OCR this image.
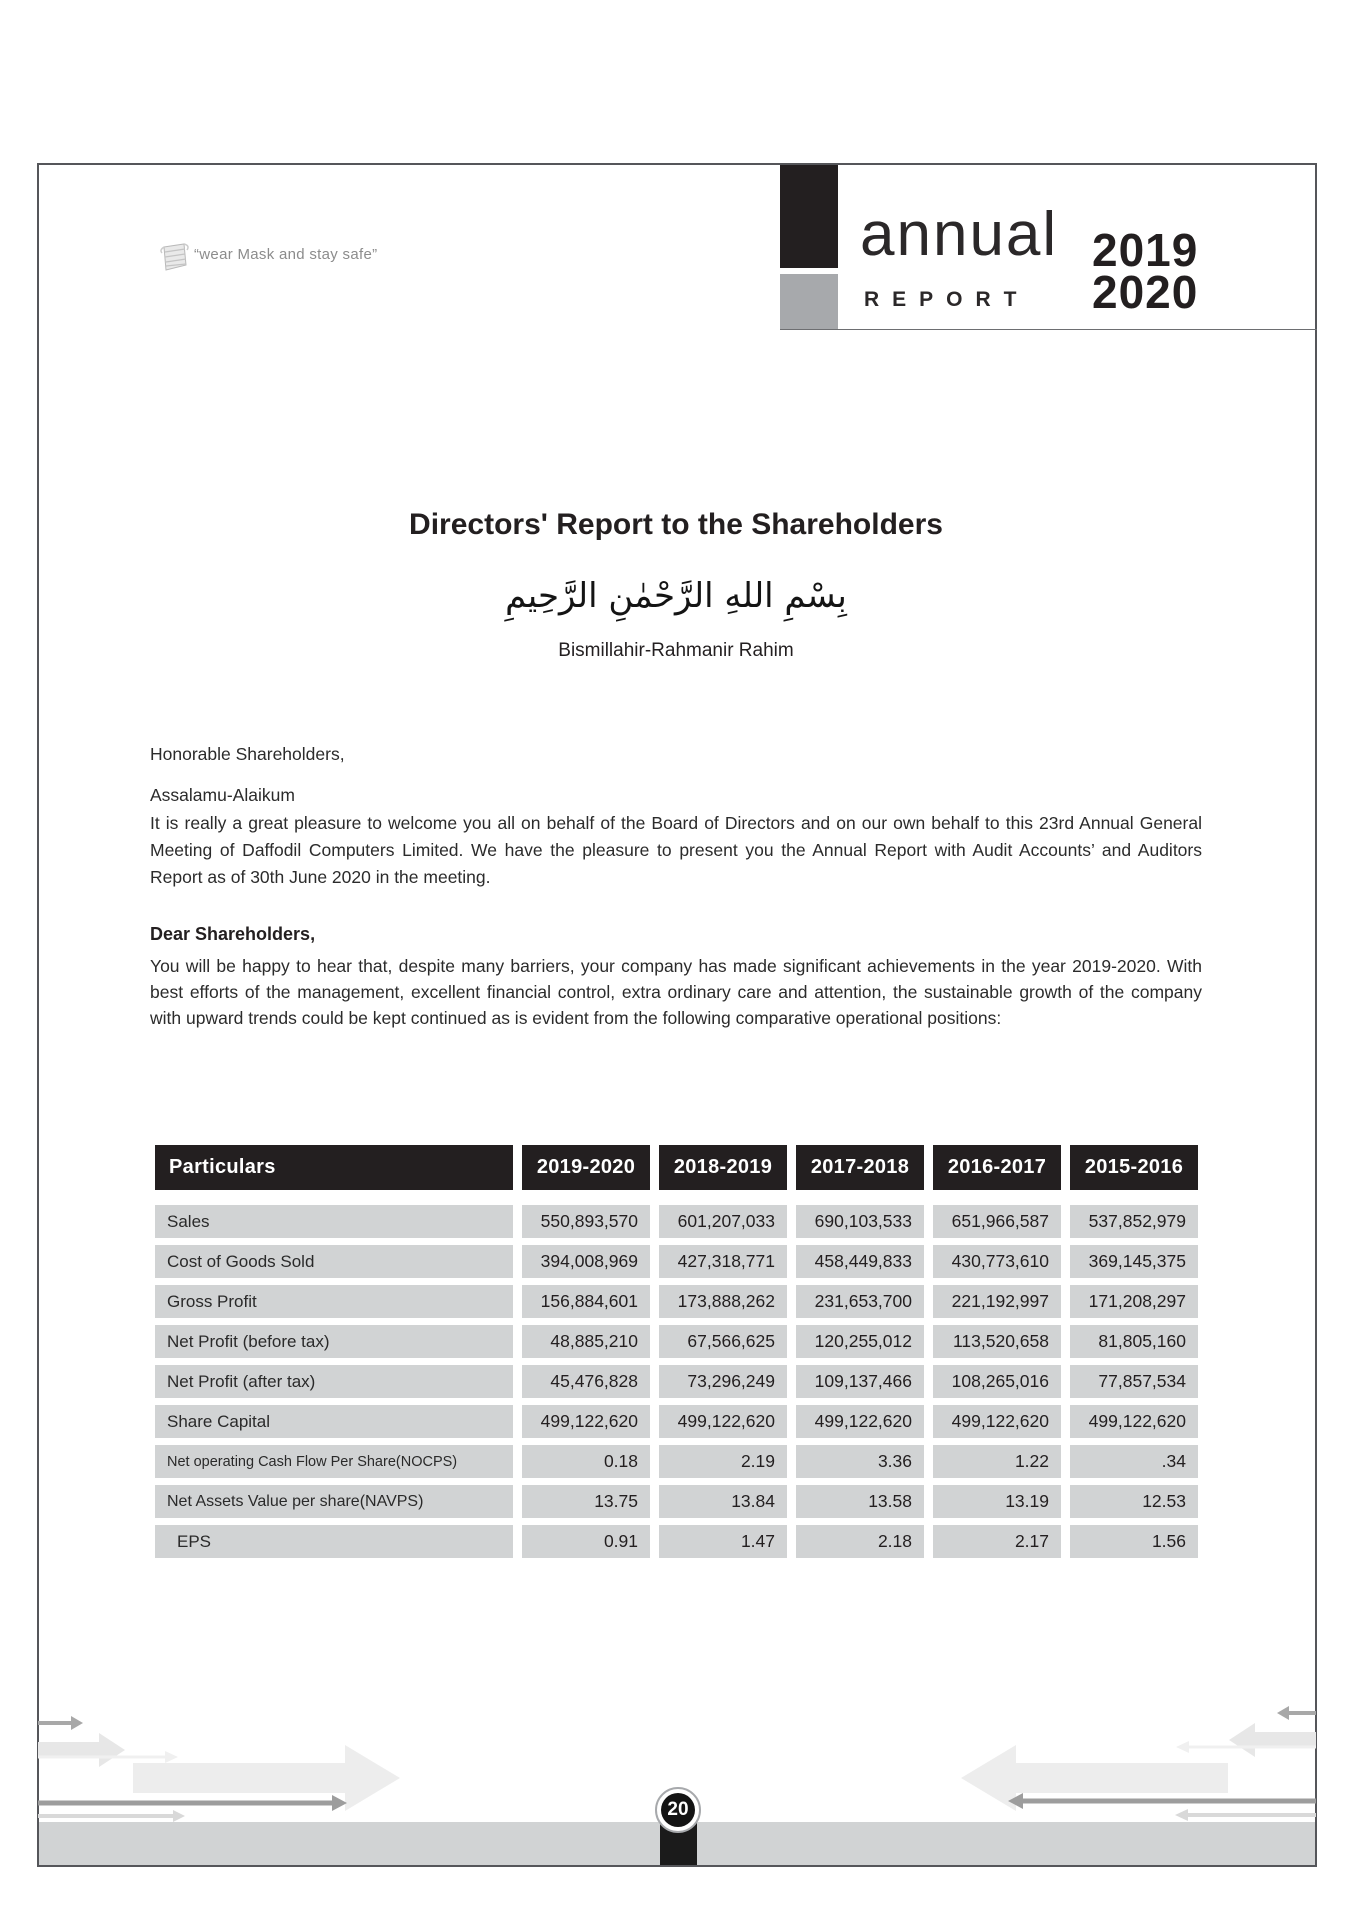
“wear Mask and stay safe”	annual
REPORT
2019
2020
Directors' Report to the Shareholders
بِسْمِ اللهِ الرَّحْمٰنِ الرَّحِيمِ
Bismillahir-Rahmanir Rahim
Honorable Shareholders,
Assalamu-Alaikum
It is really a great pleasure to welcome you all on behalf of the Board of Directors and on our own behalf to this 23rd Annual General Meeting of Daffodil Computers Limited. We have the pleasure to present you the Annual Report with Audit Accounts’ and Auditors Report as of 30th June 2020 in the meeting.
Dear Shareholders,
You will be happy to hear that, despite many barriers, your company has made significant achievements in the year 2019-2020. With best efforts of the management, excellent financial control, extra ordinary care and attention, the sustainable growth of the company with upward trends could be kept continued as is evident from the following comparative operational positions:
Particulars	2019-2020	2018-2019	2017-2018	2016-2017	2015-2016
Sales	550,893,570	601,207,033	690,103,533	651,966,587	537,852,979
Cost of Goods Sold	394,008,969	427,318,771	458,449,833	430,773,610	369,145,375
Gross Profit	156,884,601	173,888,262	231,653,700	221,192,997	171,208,297
Net Profit (before tax)	48,885,210	67,566,625	120,255,012	113,520,658	81,805,160
Net Profit (after tax)	45,476,828	73,296,249	109,137,466	108,265,016	77,857,534
Share Capital	499,122,620	499,122,620	499,122,620	499,122,620	499,122,620
Net operating Cash Flow Per Share(NOCPS)	0.18	2.19	3.36	1.22	.34
Net Assets Value per share(NAVPS)	13.75	13.84	13.58	13.19	12.53
EPS	0.91	1.47	2.18	2.17	1.56
20
